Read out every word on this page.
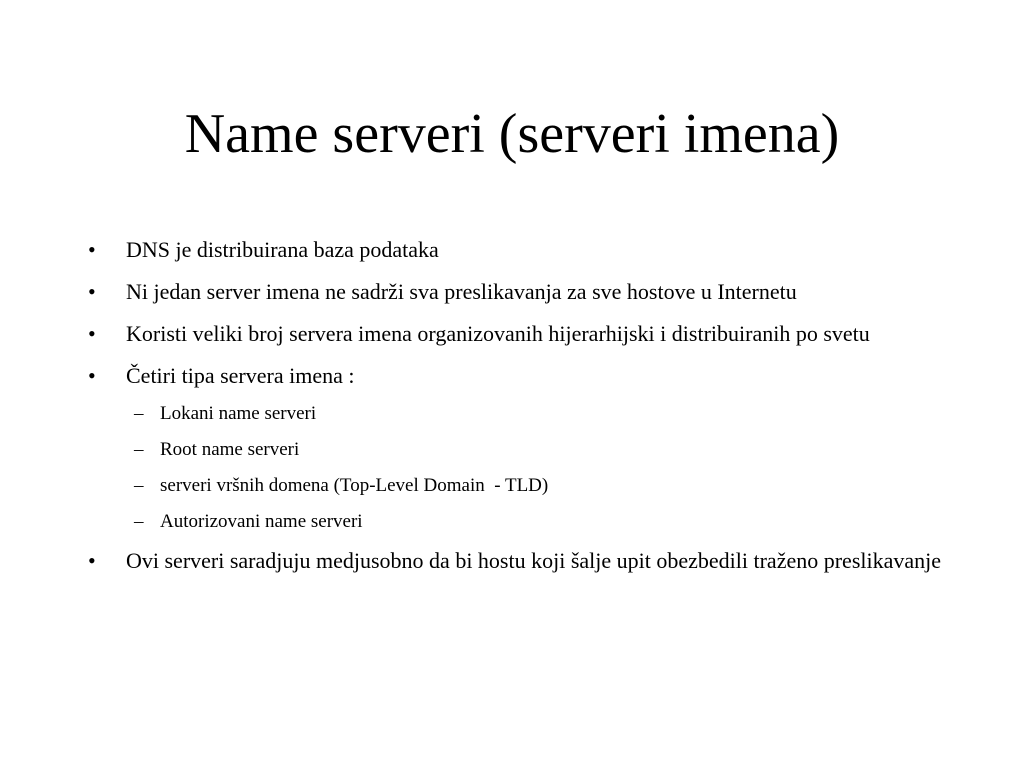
Name serveri (serveri imena)
• DNS je distribuirana baza podataka
• Ni jedan server imena ne sadrži sva preslikavanja za sve hostove u Internetu
• Koristi veliki broj servera imena organizovanih hijerarhijski i distribuiranih po svetu
• Četiri tipa servera imena :
– Lokani name serveri
– Root name serveri
– serveri vršnih domena (Top-Level Domain  - TLD)
– Autorizovani name serveri
• Ovi serveri saradjuju medjusobno da bi hostu koji šalje upit obezbedili traženo preslikavanje
